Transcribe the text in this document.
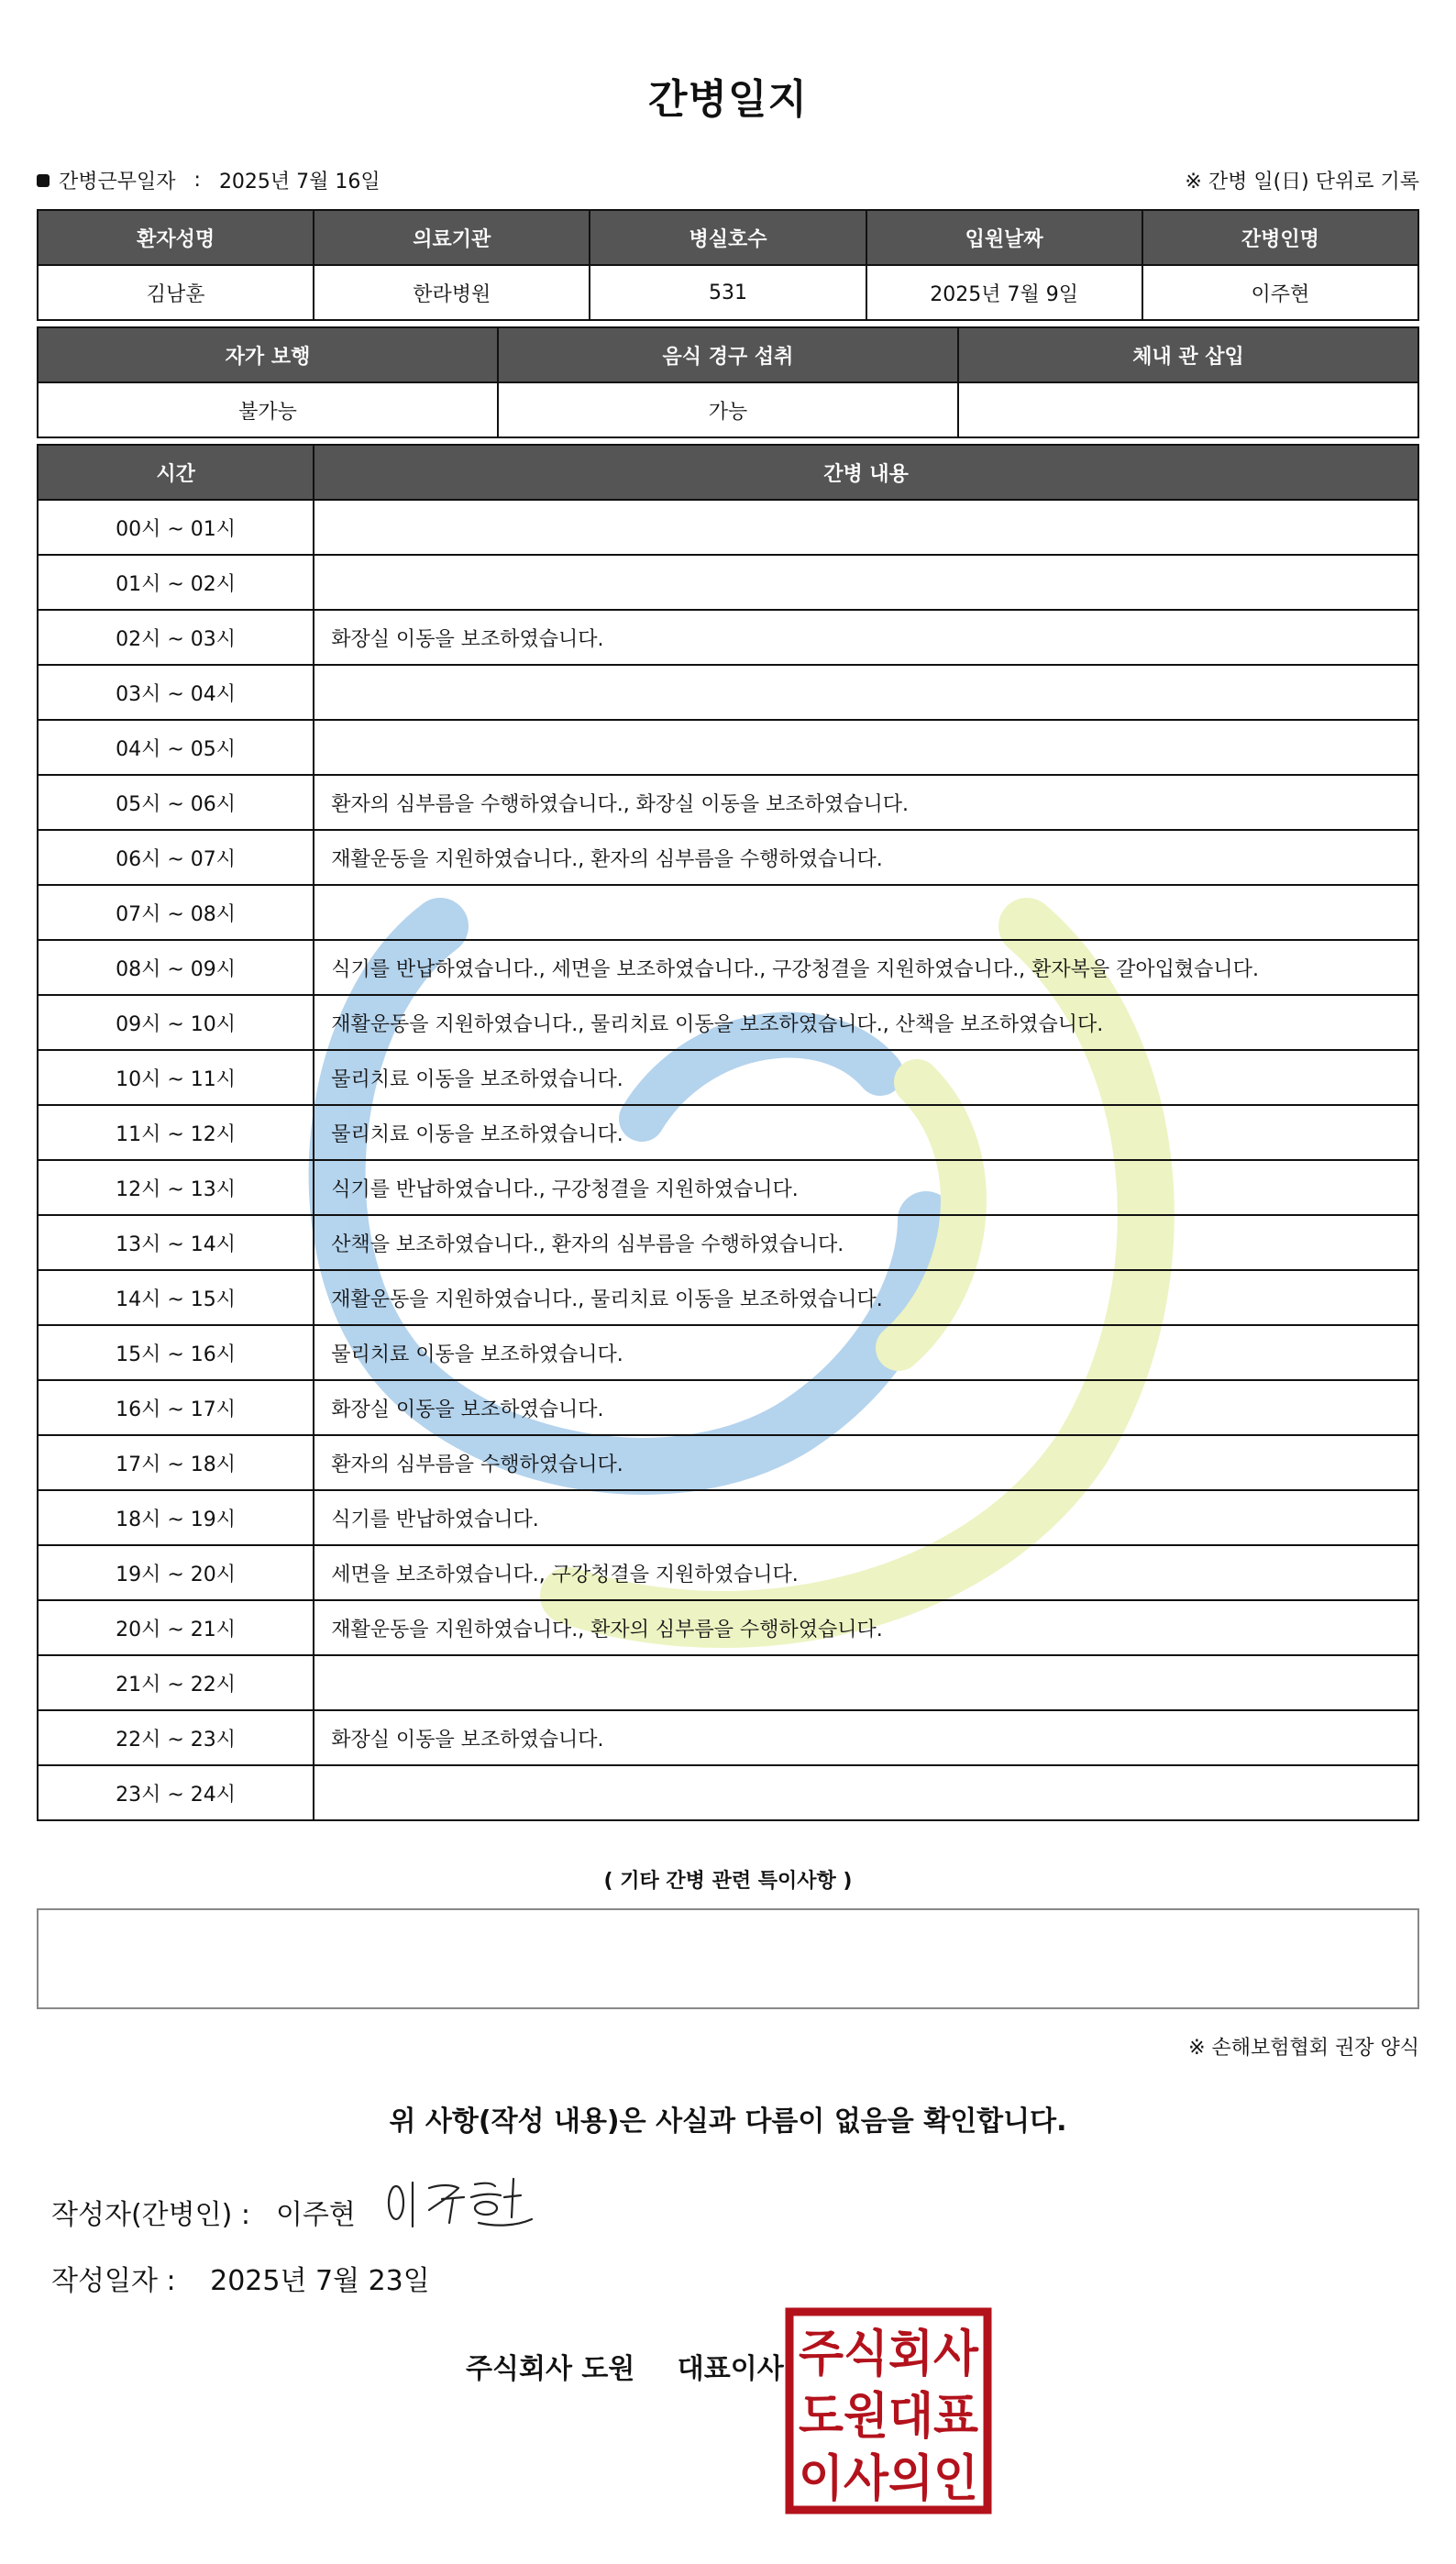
간병일지
간병근무일자 : 2025년 7월 16일	※ 간병 일(日) 단위로 기록
환자성명	의료기관	병실호수	입원날짜	간병인명
김남훈	한라병원	531	2025년 7월 9일	이주현
자가 보행	음식 경구 섭취	체내 관 삽입
불가능	가능	
시간	간병 내용
00시 ~ 01시	
01시 ~ 02시	
02시 ~ 03시	화장실 이동을 보조하였습니다.
03시 ~ 04시	
04시 ~ 05시	
05시 ~ 06시	환자의 심부름을 수행하였습니다., 화장실 이동을 보조하였습니다.
06시 ~ 07시	재활운동을 지원하였습니다., 환자의 심부름을 수행하였습니다.
07시 ~ 08시	
08시 ~ 09시	식기를 반납하였습니다., 세면을 보조하였습니다., 구강청결을 지원하였습니다., 환자복을 갈아입혔습니다.
09시 ~ 10시	재활운동을 지원하였습니다., 물리치료 이동을 보조하였습니다., 산책을 보조하였습니다.
10시 ~ 11시	물리치료 이동을 보조하였습니다.
11시 ~ 12시	물리치료 이동을 보조하였습니다.
12시 ~ 13시	식기를 반납하였습니다., 구강청결을 지원하였습니다.
13시 ~ 14시	산책을 보조하였습니다., 환자의 심부름을 수행하였습니다.
14시 ~ 15시	재활운동을 지원하였습니다., 물리치료 이동을 보조하였습니다.
15시 ~ 16시	물리치료 이동을 보조하였습니다.
16시 ~ 17시	화장실 이동을 보조하였습니다.
17시 ~ 18시	환자의 심부름을 수행하였습니다.
18시 ~ 19시	식기를 반납하였습니다.
19시 ~ 20시	세면을 보조하였습니다., 구강청결을 지원하였습니다.
20시 ~ 21시	재활운동을 지원하였습니다., 환자의 심부름을 수행하였습니다.
21시 ~ 22시	
22시 ~ 23시	화장실 이동을 보조하였습니다.
23시 ~ 24시	
( 기타 간병 관련 특이사항 )
※ 손해보험협회 권장 양식
위 사항(작성 내용)은 사실과 다름이 없음을 확인합니다.
작성자(간병인) : 이주현
작성일자 : 2025년 7월 23일
주식회사 도원 대표이사 주식회사
도원대표
이사의인
